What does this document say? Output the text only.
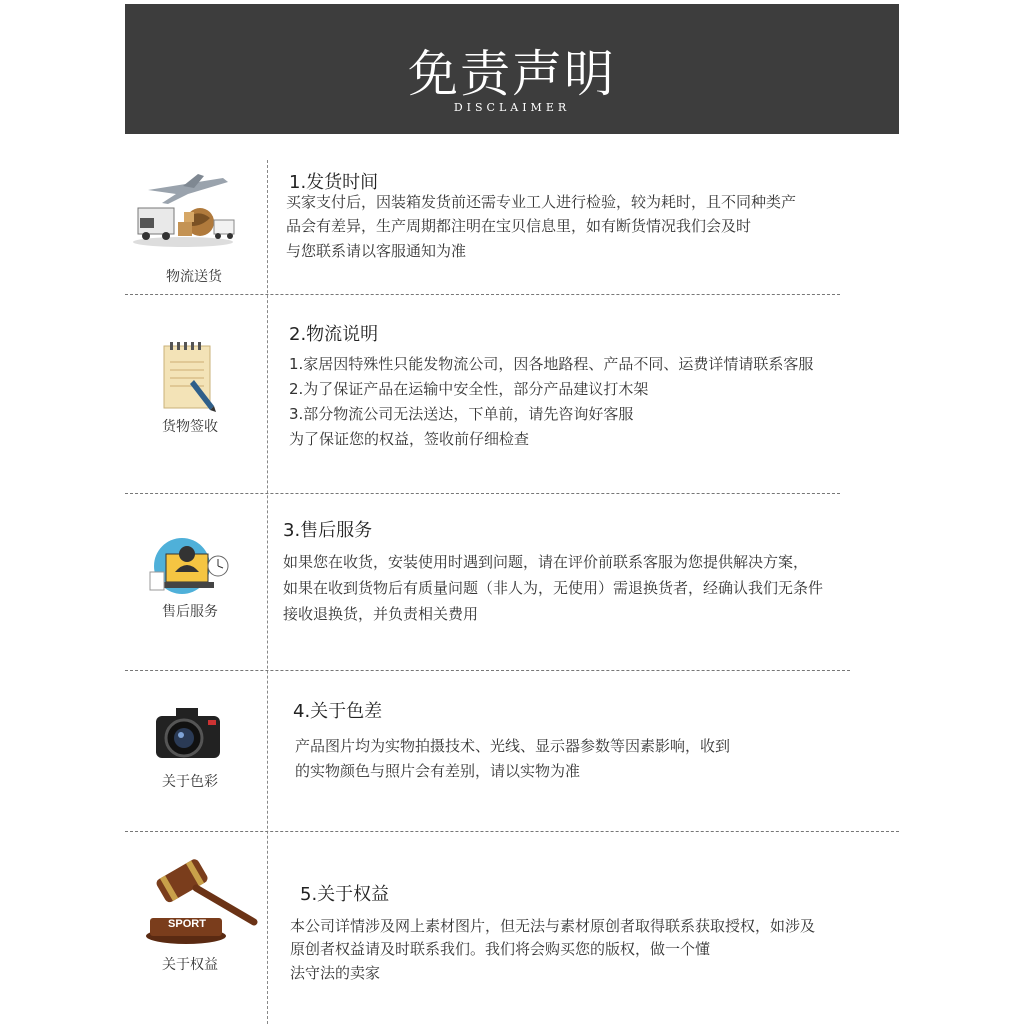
免责声明
DISCLAIMER
物流送货
1.发货时间
买家支付后，因装箱发货前还需专业工人进行检验，较为耗时，且不同种类产
品会有差异，生产周期都注明在宝贝信息里，如有断货情况我们会及时
与您联系请以客服通知为准
货物签收
2.物流说明
1.家居因特殊性只能发物流公司，因各地路程、产品不同、运费详情请联系客服
2.为了保证产品在运输中安全性，部分产品建议打木架
3.部分物流公司无法送达，下单前，请先咨询好客服
为了保证您的权益，签收前仔细检查
售后服务
3.售后服务
如果您在收货，安装使用时遇到问题，请在评价前联系客服为您提供解决方案，
如果在收到货物后有质量问题（非人为，无使用）需退换货者，经确认我们无条件
接收退换货，并负责相关费用
关于色彩
4.关于色差
产品图片均为实物拍摄技术、光线、显示器参数等因素影响，收到
的实物颜色与照片会有差别，请以实物为准
SPORT
关于权益
5.关于权益
本公司详情涉及网上素材图片，但无法与素材原创者取得联系获取授权，如涉及
原创者权益请及时联系我们。我们将会购买您的版权，做一个懂
法守法的卖家
